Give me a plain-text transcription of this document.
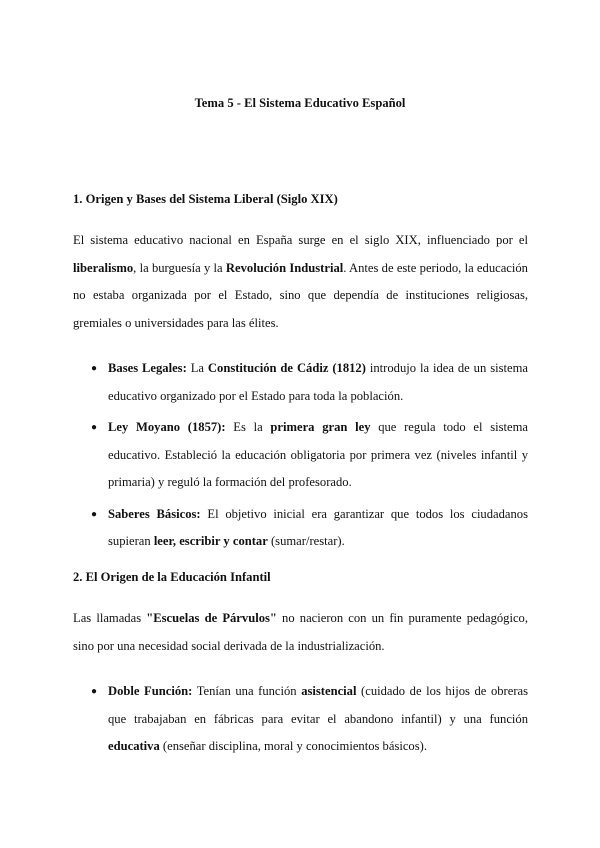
Tema 5 - El Sistema Educativo Español

1. Origen y Bases del Sistema Liberal (Siglo XIX)

El sistema educativo nacional en España surge en el siglo XIX, influenciado por el liberalismo, la burguesía y la Revolución Industrial. Antes de este periodo, la educación no estaba organizada por el Estado, sino que dependía de instituciones religiosas, gremiales o universidades para las élites.

● Bases Legales: La Constitución de Cádiz (1812) introdujo la idea de un sistema educativo organizado por el Estado para toda la población.
● Ley Moyano (1857): Es la primera gran ley que regula todo el sistema educativo. Estableció la educación obligatoria por primera vez (niveles infantil y primaria) y reguló la formación del profesorado.
● Saberes Básicos: El objetivo inicial era garantizar que todos los ciudadanos supieran leer, escribir y contar (sumar/restar).

2. El Origen de la Educación Infantil

Las llamadas "Escuelas de Párvulos" no nacieron con un fin puramente pedagógico, sino por una necesidad social derivada de la industrialización.

● Doble Función: Tenían una función asistencial (cuidado de los hijos de obreras que trabajaban en fábricas para evitar el abandono infantil) y una función educativa (enseñar disciplina, moral y conocimientos básicos).
